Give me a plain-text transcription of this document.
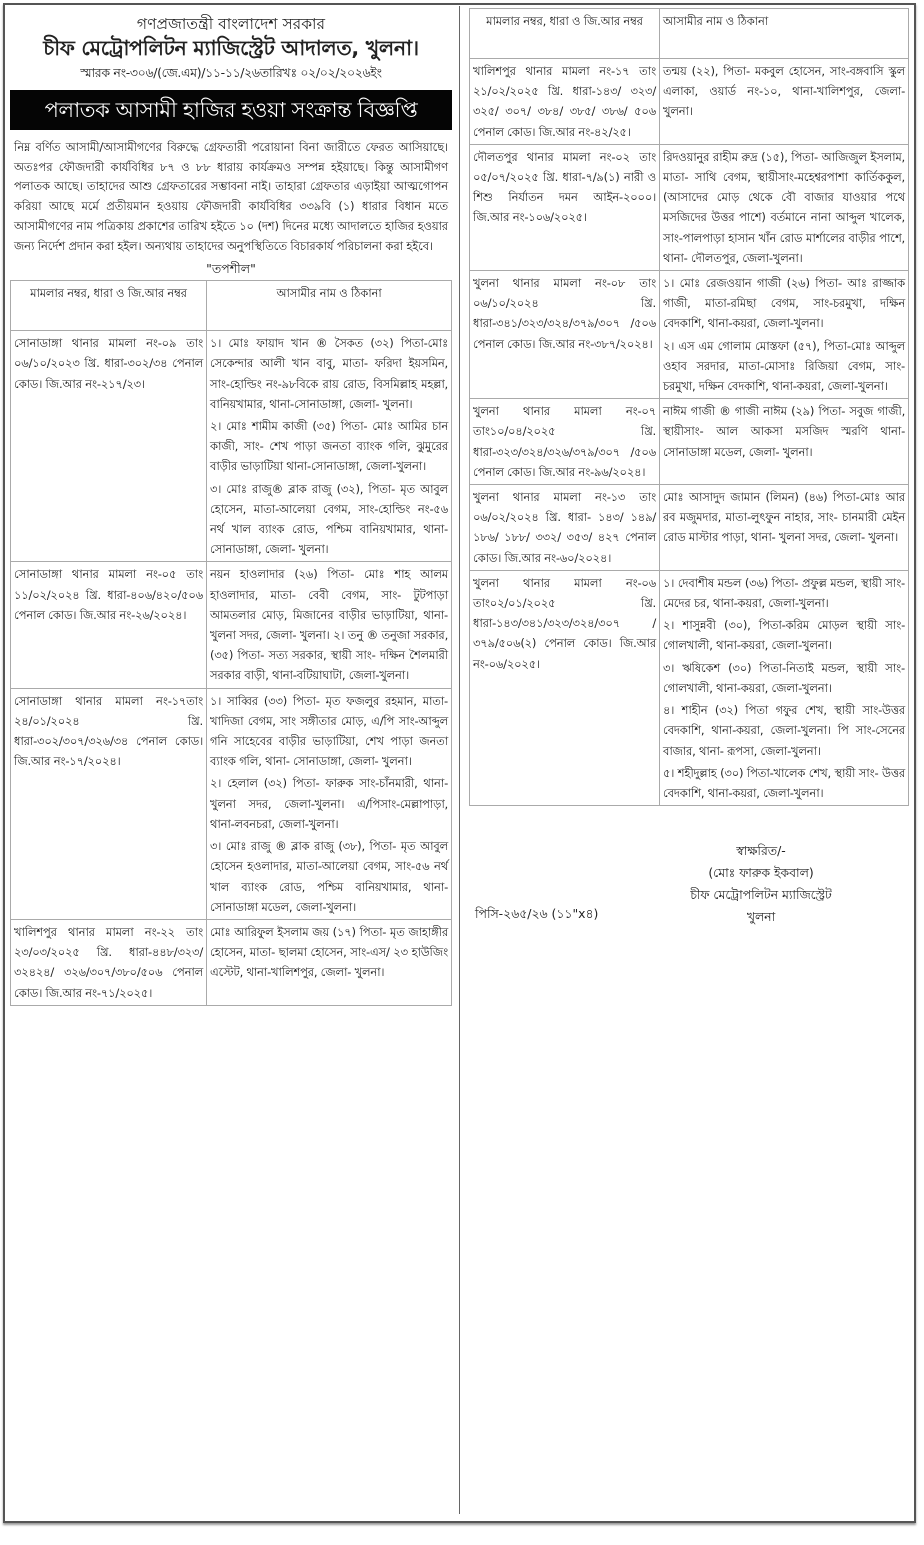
গণপ্রজাতন্ত্রী বাংলাদেশ সরকার
চীফ মেট্রোপলিটন ম্যাজিস্ট্রেট আদালত, খুলনা।
স্মারক নং-৩০৬/(জে.এম)/১১-১১/২৬তারিখঃ ০২/০২/২০২৬ইং
পলাতক আসামী হাজির হওয়া সংক্রান্ত বিজ্ঞপ্তি
নিম্ন বর্ণিত আসামী/আসামীগণের বিরুদ্ধে গ্রেফতারী পরোয়ানা বিনা জারীতে ফেরত আসিয়াছে। অতঃপর ফৌজদারী কার্যবিধির ৮৭ ও ৮৮ ধারায় কার্যক্রমও সম্পন্ন হইয়াছে। কিন্তু আসামীগণ পলাতক আছে। তাহাদের আশু গ্রেফতারের সম্ভাবনা নাই। তাহারা গ্রেফতার এড়াইয়া আত্মগোপন করিয়া আছে মর্মে প্রতীয়মান হওয়ায় ফৌজদারী কার্যবিধির ৩৩৯বি (১) ধারার বিধান মতে আসামীগণের নাম পত্রিকায় প্রকাশের তারিখ হইতে ১০ (দশ) দিনের মধ্যে আদালতে হাজির হওয়ার জন্য নির্দেশ প্রদান করা হইল। অন্যথায় তাহাদের অনুপস্থিতিতে বিচারকার্য পরিচালনা করা হইবে।
"তপশীল"
মামলার নম্বর, ধারা ও জি.আর নম্বর	আসামীর নাম ও ঠিকানা
সোনাডাঙ্গা থানার মামলা নং-০৯ তাং ০৬/১০/২০২৩ খ্রি. ধারা-৩০২/৩৪ পেনাল কোড। জি.আর নং-২১৭/২৩।	১। মোঃ ফায়াদ খান ® সৈকত (৩২) পিতা-মোঃ সেকেন্দার আলী খান বাবু, মাতা- ফরিদা ইয়সমিন, সাং-হোল্ডিং নং-৯৮বিকে রায় রোড, বিসমিল্লাহ মহল্লা, বানিয়খামার, থানা-সোনাডাঙ্গা, জেলা- খুলনা।
২। মোঃ শামীম কাজী (৩৫) পিতা- মোঃ আমির চান কাজী, সাং- শেখ পাড়া জনতা ব্যাংক গলি, ঝুমুরের বাড়ীর ভাড়াটিয়া থানা-সোনাডাঙ্গা, জেলা-খুলনা।
৩। মোঃ রাজু® ব্লাক রাজু (৩২), পিতা- মৃত আবুল হোসেন, মাতা-আলেয়া বেগম, সাং-হোল্ডিং নং-৫৬ নর্থ খাল ব্যাংক রোড, পশ্চিম বানিয়খামার, থানা- সোনাডাঙ্গা, জেলা- খুলনা।

সোনাডাঙ্গা থানার মামলা নং-০৫ তাং ১১/০২/২০২৪ খ্রি. ধারা-৪০৬/৪২০/৫০৬ পেনাল কোড। জি.আর নং-২৬/২০২৪।	নয়ন হাওলাদার (২৬) পিতা- মোঃ শাহ আলম হাওলাদার, মাতা- বেবী বেগম, সাং- টুটপাড়া আমতলার মোড়, মিজানের বাড়ীর ভাড়াটিয়া, থানা-খুলনা সদর, জেলা- খুলনা। ২। তনু ® তনুজা সরকার, (৩৫) পিতা- সত্য সরকার, স্থায়ী সাং- দক্ষিন শৈলমারী সরকার বাড়ী, থানা-বটিয়াঘাটা, জেলা-খুলনা।

সোনাডাঙ্গা থানার মামলা নং-১৭তাং ২৪/০১/২০২৪ খ্রি. ধারা-৩০২/৩০৭/৩২৬/৩৪ পেনাল কোড। জি.আর নং-১৭/২০২৪।	১। সাব্বির (৩৩) পিতা- মৃত ফজলুর রহমান, মাতা- খাদিজা বেগম, সাং সঙ্গীতার মোড়, এ/পি সাং-আব্দুল গনি সাহেবের বাড়ীর ভাড়াটিয়া, শেখ পাড়া জনতা ব্যাংক গলি, থানা- সোনাডাঙ্গা, জেলা- খুলনা।
২। হেলাল (৩২) পিতা- ফারুক সাং-চাঁনমারী, থানা- খুলনা সদর, জেলা-খুলনা। এ/পিসাং-মেল্লাপাড়া, থানা-লবনচরা, জেলা-খুলনা।
৩। মোঃ রাজু ® ব্লাক রাজু (৩৮), পিতা- মৃত আবুল হোসেন হওলাদার, মাতা-আলেয়া বেগম, সাং-৫৬ নর্থ খাল ব্যাংক রোড, পশ্চিম বানিয়খামার, থানা- সোনাডাঙ্গা মডেল, জেলা-খুলনা।

খালিশপুর থানার মামলা নং-২২ তাং ২৩/০৩/২০২৫ খ্রি. ধারা-৪৪৮/৩২৩/ ৩২৪২৪/ ৩২৬/৩০৭/৩৮০/৫০৬ পেনাল কোড। জি.আর নং-৭১/২০২৫।	মোঃ আরিফুল ইসলাম জয় (১৭) পিতা- মৃত জাহাঙ্গীর হোসেন, মাতা- ছালমা হোসেন, সাং-এস/ ২৩ হাউজিং এস্টেট, থানা-খালিশপুর, জেলা- খুলনা।
মামলার নম্বর, ধারা ও জি.আর নম্বর	আসামীর নাম ও ঠিকানা
খালিশপুর থানার মামলা নং-১৭ তাং ২১/০২/২০২৫ খ্রি. ধারা-১৪৩/ ৩২৩/ ৩২৫/ ৩০৭/ ৩৮৪/ ৩৮৫/ ৩৮৬/ ৫০৬ পেনাল কোড। জি.আর নং-৪২/২৫।	তন্ময় (২২), পিতা- মকবুল হোসেন, সাং-বঙ্গবাসি স্কুল এলাকা, ওয়ার্ড নং-১০, থানা-খালিশপুর, জেলা- খুলনা।

দৌলতপুর থানার মামলা নং-০২ তাং ০৫/০৭/২০২৫ খ্রি. ধারা-৭/৯(১) নারী ও শিশু নির্যাতন দমন আইন-২০০০। জি.আর নং-১০৬/২০২৫।	রিদওয়ানুর রাহীম রুদ্র (১৫), পিতা- আজিজুল ইসলাম, মাতা- সাথি বেগম, স্থায়ীসাং-মহেশ্বরপাশা কার্তিককুল, (আসাদের মোড় থেকে বৌ বাজার যাওয়ার পথে মসজিদের উত্তর পাশে) বর্তমানে নানা আব্দুল খালেক, সাং-পালপাড়া হাসান খাঁন রোড মার্শালের বাড়ীর পাশে, থানা- দৌলতপুর, জেলা-খুলনা।

খুলনা থানার মামলা নং-০৮ তাং ০৬/১০/২০২৪ খ্রি. ধারা-৩৪১/৩২৩/৩২৪/৩৭৯/৩০৭ /৫০৬ পেনাল কোড। জি.আর নং-৩৮৭/২০২৪।	১। মোঃ রেজওয়ান গাজী (২৬) পিতা- আঃ রাজ্জাক গাজী, মাতা-রমিছা বেগম, সাং-চরমুখা, দক্ষিন বেদকাশি, থানা-কয়রা, জেলা-খুলনা।
২। এস এম গোলাম মোস্তফা (৫৭), পিতা-মোঃ আব্দুল ওহাব সরদার, মাতা-মোসাঃ রিজিয়া বেগম, সাং-চরমুখা, দক্ষিন বেদকাশি, থানা-কয়রা, জেলা-খুলনা।

খুলনা থানার মামলা নং-০৭ তাং১০/০৪/২০২৫ খ্রি. ধারা-৩২৩/৩২৪/৩২৬/৩৭৯/৩০৭ /৫০৬ পেনাল কোড। জি.আর নং-৯৬/২০২৪।	নাঈম গাজী ® গাজী নাঈম (২৯) পিতা- সবুজ গাজী, স্থায়ীসাং- আল আকসা মসজিদ স্মরণি থানা-সোনাডাঙ্গা মডেল, জেলা- খুলনা।

খুলনা থানার মামলা নং-১৩ তাং ০৬/০২/২০২৪ খ্রি. ধারা- ১৪৩/ ১৪৯/ ১৮৬/ ১৮৮/ ৩৩২/ ৩৫৩/ ৪২৭ পেনাল কোড। জি.আর নং-৬০/২০২৪।	মোঃ আসাদুদ জামান (লিমন) (৪৬) পিতা-মোঃ আর রব মজুমদার, মাতা-লুৎফুন নাহার, সাং- চানমারী মেইন রোড মাস্টার পাড়া, থানা- খুলনা সদর, জেলা- খুলনা।

খুলনা থানার মামলা নং-০৬ তাং০২/০১/২০২৫ খ্রি. ধারা-১৪৩/৩৪১/৩২৩/৩২৪/৩০৭ /৩৭৯/৫০৬(২) পেনাল কোড। জি.আর নং-০৬/২০২৫।	১। দেবাশীষ মন্ডল (৩৬) পিতা- প্রফুল্ল মন্ডল, স্থায়ী সাং- মেদের চর, থানা-কয়রা, জেলা-খুলনা।
২। শাসুন্নবী (৩০), পিতা-করিম মোড়ল স্থায়ী সাং- গোলখালী, থানা-কয়রা, জেলা-খুলনা।
৩। ঋষিকেশ (৩০) পিতা-নিতাই মন্ডল, স্থায়ী সাং- গোলখালী, থানা-কয়রা, জেলা-খুলনা।
৪। শাহীন (৩২) পিতা গফুর শেখ, স্থায়ী সাং-উত্তর বেদকাশি, থানা-কয়রা, জেলা-খুলনা। পি সাং-সেনের বাজার, থানা- রূপসা, জেলা-খুলনা।
৫। শহীদুল্লাহ (৩০) পিতা-খালেক শেখ, স্থায়ী সাং- উত্তর বেদকাশি, থানা-কয়রা, জেলা-খুলনা।
স্বাক্ষরিত/-
(মোঃ ফারুক ইকবাল)
চীফ মেট্রোপলিটন ম্যাজিস্ট্রেট
খুলনা
পিসি-২৬৫/২৬ (১১"x৪)
